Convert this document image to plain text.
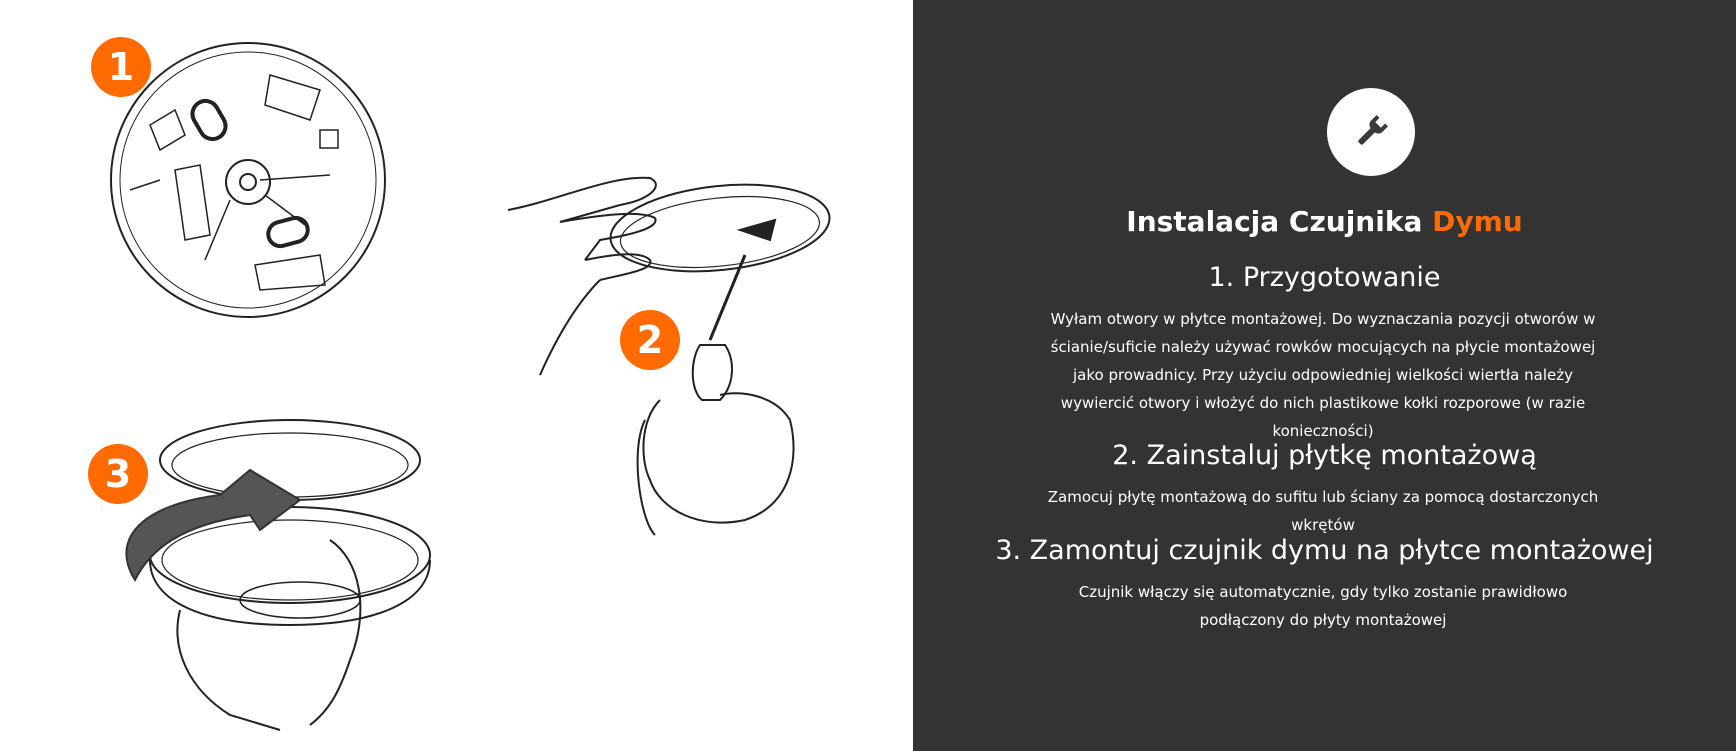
1
2
3
Instalacja Czujnika Dymu
1. Przygotowanie
Wyłam otwory w płytce montażowej. Do wyznaczania pozycji otworów w ścianie/suficie należy używać rowków mocujących na płycie montażowej jako prowadnicy. Przy użyciu odpowiedniej wielkości wiertła należy wywiercić otwory i włożyć do nich plastikowe kołki rozporowe (w razie konieczności)
2. Zainstaluj płytkę montażową
Zamocuj płytę montażową do sufitu lub ściany za pomocą dostarczonych wkrętów
3. Zamontuj czujnik dymu na płytce montażowej
Czujnik włączy się automatycznie, gdy tylko zostanie prawidłowo podłączony do płyty montażowej
